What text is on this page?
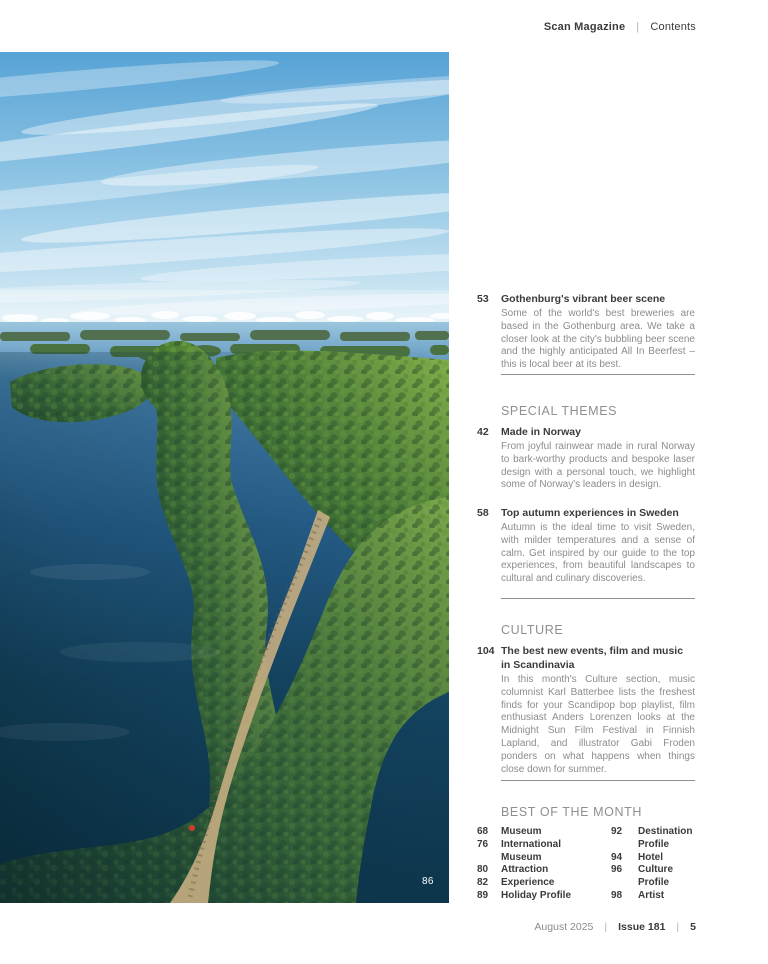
Scan Magazine | Contents
86
53	Gothenburg's vibrant beer scene
Some of the world's best breweries are based in the Gothenburg area. We take a closer look at the city's bubbling beer scene and the highly anticipated All In Beerfest – this is local beer at its best.
SPECIAL THEMES
42	Made in Norway
From joyful rainwear made in rural Norway to bark-worthy products and bespoke laser design with a personal touch, we highlight some of Norway's leaders in design.
58	Top autumn experiences in Sweden
Autumn is the ideal time to visit Sweden, with milder temperatures and a sense of calm. Get inspired by our guide to the top experiences, from beautiful landscapes to cultural and culinary discoveries.
CULTURE
104 The best new events, film and music in Scandinavia
In this month's Culture section, music columnist Karl Batterbee lists the freshest finds for your Scandipop bop playlist, film enthusiast Anders Lorenzen looks at the Midnight Sun Film Festival in Finnish Lapland, and illustrator Gabi Froden ponders on what happens when things close down for summer.
BEST OF THE MONTH
68	Museum
76	International Museum
80	Attraction
82	Experience
89	Holiday Profile
92	Destination Profile
94	Hotel
96	Culture Profile
98	Artist
August 2025 | Issue 181 | 5
